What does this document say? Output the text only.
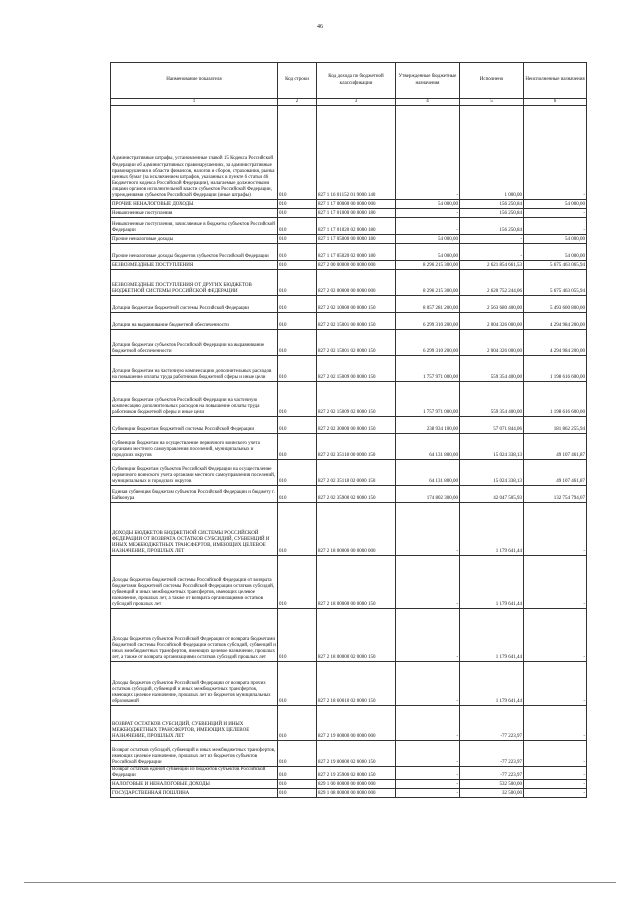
46
Наименование показателя	Код строки	Код дохода по бюджетной классификации	Утвержденные бюджетные назначения	Исполнено	Неисполненные назначения
1	2	3	4	5	6
Административные штрафы, установленные главой 15 Кодекса Российской Федерации об административных правонарушениях, за административные правонарушения в области финансов, налогов и сборов, страхования, рынка ценных бумаг (за исключением штрафов, указанных в пункте 6 статьи 46 Бюджетного кодекса Российской Федерации), налагаемые должностными лицами органов исполнительной власти субъектов Российской Федерации, учреждениями субъектов Российской Федерации (иные штрафы)	010	827 1 16 01152 01 9000 140	-	1 000,00	-
ПРОЧИЕ НЕНАЛОГОВЫЕ ДОХОДЫ	010	827 1 17 00000 00 0000 000	54 000,00	156 250,84	54 000,00
Невыясненные поступления	010	827 1 17 01000 00 0000 180	-	156 250,84	-
Невыясненные поступления, зачисляемые в бюджеты субъектов Российской Федерации	010	827 1 17 01020 02 0000 180	-	156 250,84	-
Прочие неналоговые доходы	010	827 1 17 05000 00 0000 180	54 000,00	-	54 000,00
Прочие неналоговые доходы бюджетов субъектов Российской Федерации	010	827 1 17 05020 02 0000 180	54 000,00	-	54 000,00
БЕЗВОЗМЕЗДНЫЕ ПОСТУПЛЕНИЯ	010	827 2 00 00000 00 0000 000	8 296 215 300,00	2 621 854 661,53	5 675 463 065,94
БЕЗВОЗМЕЗДНЫЕ ПОСТУПЛЕНИЯ ОТ ДРУГИХ БЮДЖЕТОВ БЮДЖЕТНОЙ СИСТЕМЫ РОССИЙСКОЙ ФЕДЕРАЦИИ	010	827 2 02 00000 00 0000 000	8 296 215 300,00	2 620 752 244,06	5 675 463 055,94
Дотации бюджетам бюджетной системы Российской Федерации	010	827 2 02 10000 00 0000 150	8 057 281 200,00	2 563 680 400,00	5 493 600 800,00
Дотации на выравнивание бюджетной обеспеченности	010	827 2 02 15001 00 0000 150	6 299 310 200,00	2 004 326 000,00	4 294 984 200,00
Дотации бюджетам субъектов Российской Федерации на выравнивание бюджетной обеспеченности	010	827 2 02 15001 02 0000 150	6 299 310 200,00	2 004 326 000,00	4 294 984 200,00
Дотации бюджетам на частичную компенсацию дополнительных расходов на повышение оплаты труда работников бюджетной сферы и иные цели	010	827 2 02 15009 00 0000 150	1 757 971 000,00	559 354 400,00	1 198 616 600,00
Дотации бюджетам субъектов Российской Федерации на частичную компенсацию дополнительных расходов на повышение оплаты труда работников бюджетной сферы и иные цели	010	827 2 02 15009 02 0000 150	1 757 971 000,00	559 354 400,00	1 198 616 600,00
Субвенции бюджетам бюджетной системы Российской Федерации	010	827 2 02 30000 00 0000 150	238 934 100,00	57 071 844,06	181 862 255,94
Субвенции бюджетам на осуществление первичного воинского учета органами местного самоуправления поселений, муниципальных и городских округов	010	827 2 02 35118 00 0000 150	64 131 800,00	15 024 338,13	49 107 461,87
Субвенции бюджетам субъектов Российской Федерации на осуществление первичного воинского учета органами местного самоуправления поселений, муниципальных и городских округов	010	827 2 02 35118 02 0000 150	64 131 800,00	15 024 338,13	49 107 461,87
Единая субвенция бюджетам субъектов Российской Федерации и бюджету г. Байконура	010	827 2 02 35900 02 0000 150	174 802 300,00	42 047 505,93	132 754 794,07
ДОХОДЫ БЮДЖЕТОВ БЮДЖЕТНОЙ СИСТЕМЫ РОССИЙСКОЙ ФЕДЕРАЦИИ ОТ ВОЗВРАТА ОСТАТКОВ СУБСИДИЙ, СУБВЕНЦИЙ И ИНЫХ МЕЖБЮДЖЕТНЫХ ТРАНСФЕРТОВ, ИМЕЮЩИХ ЦЕЛЕВОЕ НАЗНАЧЕНИЕ, ПРОШЛЫХ ЛЕТ	010	827 2 18 00000 00 0000 000	-	1 179 641,44	-
Доходы бюджетов бюджетной системы Российской Федерации от возврата бюджетами бюджетной системы Российской Федерации остатков субсидий, субвенций и иных межбюджетных трансфертов, имеющих целевое назначение, прошлых лет, а также от возврата организациями остатков субсидий прошлых лет	010	827 2 18 00000 00 0000 150	-	1 179 641,44	-
Доходы бюджетов субъектов Российской Федерации от возврата бюджетами бюджетной системы Российской Федерации остатков субсидий, субвенций и иных межбюджетных трансфертов, имеющих целевое назначение, прошлых лет, а также от возврата организациями остатков субсидий прошлых лет	010	827 2 18 00000 02 0000 150	-	1 179 641,44	-
Доходы бюджетов субъектов Российской Федерации от возврата прочих остатков субсидий, субвенций и иных межбюджетных трансфертов, имеющих целевое назначение, прошлых лет из бюджетов муниципальных образований	010	827 2 18 60010 02 0000 150	-	1 179 641,44	-
ВОЗВРАТ ОСТАТКОВ СУБСИДИЙ, СУБВЕНЦИЙ И ИНЫХ МЕЖБЮДЖЕТНЫХ ТРАНСФЕРТОВ, ИМЕЮЩИХ ЦЕЛЕВОЕ НАЗНАЧЕНИЕ, ПРОШЛЫХ ЛЕТ	010	827 2 19 00000 00 0000 000	-	-77 223,97	-
Возврат остатков субсидий, субвенций и иных межбюджетных трансфертов, имеющих целевое назначение, прошлых лет из бюджетов субъектов Российской Федерации	010	827 2 19 00000 02 0000 150	-	-77 223,97	-
Возврат остатков единой субвенции из бюджетов субъектов Российской Федерации	010	827 2 19 35900 02 0000 150	-	-77 223,97	-
НАЛОГОВЫЕ И НЕНАЛОГОВЫЕ ДОХОДЫ	010	829 1 00 00000 00 0000 000	-	532 500,00	-
ГОСУДАРСТВЕННАЯ ПОШЛИНА	010	829 1 08 00000 00 0000 000	-	32 500,00	-
